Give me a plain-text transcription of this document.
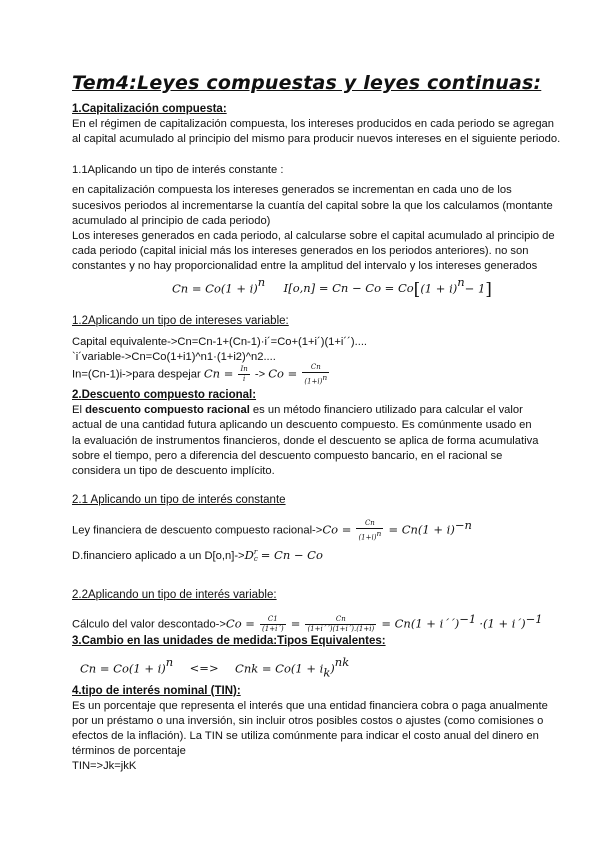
Tem4:Leyes compuestas y leyes continuas:
1.Capitalización compuesta:
En el régimen de capitalización compuesta, los intereses producidos en cada periodo se agregan
al capital acumulado al principio del mismo para producir nuevos intereses en el siguiente periodo.
1.1Aplicando un tipo de interés constante :
en capitalización compuesta los intereses generados se incrementan en cada uno de los
sucesivos periodos al incrementarse la cuantía del capital sobre la que los calculamos (montante
acumulado al principio de cada periodo)
Los intereses generados en cada periodo, al calcularse sobre el capital acumulado al principio de
cada periodo (capital inicial más los intereses generados en los periodos anteriores). no son
constantes y no hay proporcionalidad entre la amplitud del intervalo y los intereses generados
$Cn = Co(1 + i)^n$ $I[o,n] = Cn - Co = Co[(1 + i)^n- 1]$
1.2Aplicando un tipo de intereses variable:
Capital equivalente->Cn=Cn-1+(Cn-1)·i´=Co+(1+i´)(1+i´´)....
`i´variable->Cn=Co(1+i1)^n1·(1+i2)^n2....
In=(Cn-1)i->para despejar $Cn = \frac{In}{i} -> Co = \frac{Cn}{(1+i)^n}$
2.Descuento compuesto racional:
El descuento compuesto racional es un método financiero utilizado para calcular el valor actual de una cantidad futura aplicando un descuento compuesto. Es comúnmente usado en la evaluación de instrumentos financieros, donde el descuento se aplica de forma acumulativa sobre el tiempo, pero a diferencia del descuento compuesto bancario, en el racional se considera un tipo de descuento implícito.
2.1 Aplicando un tipo de interés constante
Ley financiera de descuento compuesto racional->Co = $\frac{Cn}{(1+i)^n} = Cn(1 + i)^{-n}$
D.financiero aplicado a un D[o,n]->Dr
c = Cn − Co
2.2Aplicando un tipo de interés variable:
Cálculo del valor descontado->Co = $\frac{C1}{(1+i´)} = \frac{Cn}{(1+i´´)(1+i´).(1+i)} = Cn(1$ + i´´)$^{-1}$ ·(1 + i´)$^{-1}$
3.Cambio en las unidades de medida:Tipos Equivalentes:
$Cn = Co(1 + i)^n$ <=> Cnk = $Co(1 + i_k)^{nk}$
4.tipo de interés nominal (TIN):
Es un porcentaje que representa el interés que una entidad financiera cobra o paga anualmente
por un préstamo o una inversión, sin incluir otros posibles costos o ajustes (como comisiones o
efectos de la inflación). La TIN se utiliza comúnmente para indicar el costo anual del dinero en
términos de porcentaje
TIN=>Jk=jkK
